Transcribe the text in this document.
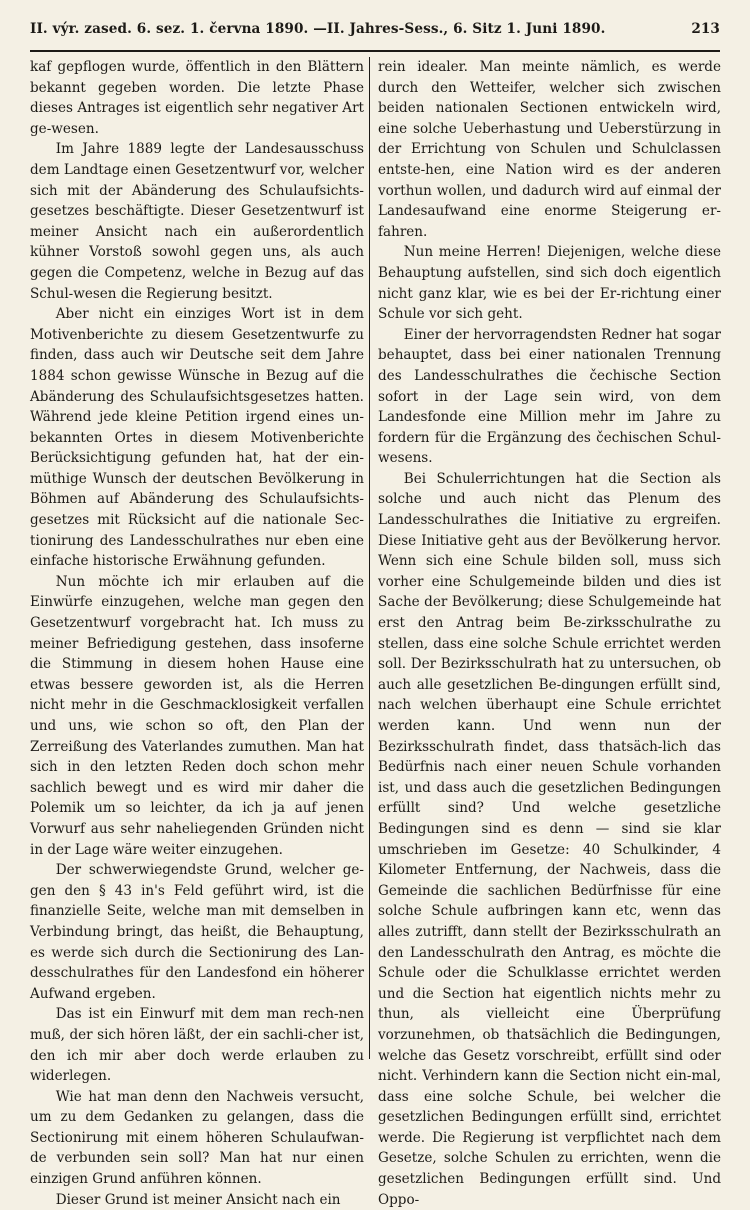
II. výr. zased. 6. sez. 1. června 1890. —II. Jahres-Sess., 6. Sitz 1. Juni 1890.	213

kaf gepflogen wurde, öffentlich in den Blättern bekannt gegeben worden. Die letzte Phase dieses Antrages ist eigentlich sehr negativer Art ge-wesen.

Im Jahre 1889 legte der Landesausschuss dem Landtage einen Gesetzentwurf vor, welcher sich mit der Abänderung des Schulaufsichts-gesetzes beschäftigte. Dieser Gesetzentwurf ist meiner Ansicht nach ein außerordentlich kühner Vorstoß sowohl gegen uns, als auch gegen die Competenz, welche in Bezug auf das Schul-wesen die Regierung besitzt.

Aber nicht ein einziges Wort ist in dem Motivenberichte zu diesem Gesetzentwurfe zu finden, dass auch wir Deutsche seit dem Jahre 1884 schon gewisse Wünsche in Bezug auf die Abänderung des Schulaufsichtsgesetzes hatten. Während jede kleine Petition irgend eines un-bekannten Ortes in diesem Motivenberichte Berücksichtigung gefunden hat, hat der ein-müthige Wunsch der deutschen Bevölkerung in Böhmen auf Abänderung des Schulaufsichts-gesetzes mit Rücksicht auf die nationale Sec-tionirung des Landesschulrathes nur eben eine einfache historische Erwähnung gefunden.

Nun möchte ich mir erlauben auf die Einwürfe einzugehen, welche man gegen den Gesetzentwurf vorgebracht hat. Ich muss zu meiner Befriedigung gestehen, dass insoferne die Stimmung in diesem hohen Hause eine etwas bessere geworden ist, als die Herren nicht mehr in die Geschmacklosigkeit verfallen und uns, wie schon so oft, den Plan der Zerreißung des Vaterlandes zumuthen. Man hat sich in den letzten Reden doch schon mehr sachlich bewegt und es wird mir daher die Polemik um so leichter, da ich ja auf jenen Vorwurf aus sehr naheliegenden Gründen nicht in der Lage wäre weiter einzugehen.

Der schwerwiegendste Grund, welcher ge-gen den § 43 in's Feld geführt wird, ist die finanzielle Seite, welche man mit demselben in Verbindung bringt, das heißt, die Behauptung, es werde sich durch die Sectionirung des Lan-desschulrathes für den Landesfond ein höherer Aufwand ergeben.

Das ist ein Einwurf mit dem man rech-nen muß, der sich hören läßt, der ein sachli-cher ist, den ich mir aber doch werde erlauben zu widerlegen.

Wie hat man denn den Nachweis versucht, um zu dem Gedanken zu gelangen, dass die Sectionirung mit einem höheren Schulaufwan-de verbunden sein soll? Man hat nur einen einzigen Grund anführen können.

Dieser Grund ist meiner Ansicht nach ein

rein idealer. Man meinte nämlich, es werde durch den Wetteifer, welcher sich zwischen beiden nationalen Sectionen entwickeln wird, eine solche Ueberhastung und Ueberstürzung in der Errichtung von Schulen und Schulclassen entste-hen, eine Nation wird es der anderen vorthun wollen, und dadurch wird auf einmal der Landesaufwand eine enorme Steigerung er-fahren.

Nun meine Herren! Diejenigen, welche diese Behauptung aufstellen, sind sich doch eigentlich nicht ganz klar, wie es bei der Er-richtung einer Schule vor sich geht.

Einer der hervorragendsten Redner hat sogar behauptet, dass bei einer nationalen Trennung des Landesschulrathes die čechische Section sofort in der Lage sein wird, von dem Landesfonde eine Million mehr im Jahre zu fordern für die Ergänzung des čechischen Schul-wesens.

Bei Schulerrichtungen hat die Section als solche und auch nicht das Plenum des Landesschulrathes die Initiative zu ergreifen. Diese Initiative geht aus der Bevölkerung hervor. Wenn sich eine Schule bilden soll, muss sich vorher eine Schulgemeinde bilden und dies ist Sache der Bevölkerung; diese Schulgemeinde hat erst den Antrag beim Be-zirksschulrathe zu stellen, dass eine solche Schule errichtet werden soll. Der Bezirksschulrath hat zu untersuchen, ob auch alle gesetzlichen Be-dingungen erfüllt sind, nach welchen überhaupt eine Schule errichtet werden kann. Und wenn nun der Bezirksschulrath findet, dass thatsäch-lich das Bedürfnis nach einer neuen Schule vorhanden ist, und dass auch die gesetzlichen Bedingungen erfüllt sind? Und welche gesetzliche Bedingungen sind es denn — sind sie klar umschrieben im Gesetze: 40 Schulkinder, 4 Kilometer Entfernung, der Nachweis, dass die Gemeinde die sachlichen Bedürfnisse für eine solche Schule aufbringen kann etc, wenn das alles zutrifft, dann stellt der Bezirksschulrath an den Landesschulrath den Antrag, es möchte die Schule oder die Schulklasse errichtet werden und die Section hat eigentlich nichts mehr zu thun, als vielleicht eine Überprüfung vorzunehmen, ob thatsächlich die Bedingungen, welche das Gesetz vorschreibt, erfüllt sind oder nicht. Verhindern kann die Section nicht ein-mal, dass eine solche Schule, bei welcher die gesetzlichen Bedingungen erfüllt sind, errichtet werde. Die Regierung ist verpflichtet nach dem Gesetze, solche Schulen zu errichten, wenn die gesetzlichen Bedingungen erfüllt sind. Und Oppo-
